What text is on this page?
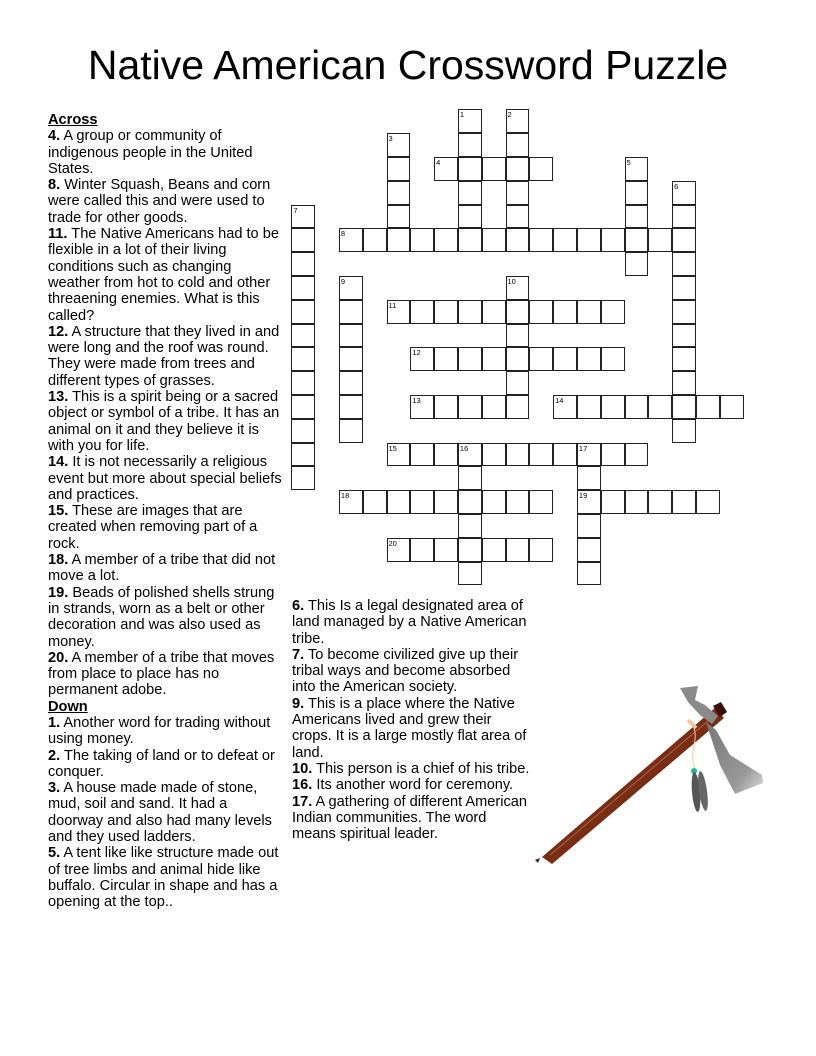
Native American Crossword Puzzle
Across
4. A group or community of indigenous people in the United States.
8. Winter Squash, Beans and corn were called this and were used to trade for other goods.
11. The Native Americans had to be flexible in a lot of their living conditions such as changing weather from hot to cold and other threaening enemies. What is this called?
12. A structure that they lived in and were long and the roof was round. They were made from trees and different types of grasses.
13. This is a spirit being or a sacred object or symbol of a tribe. It has an animal on it and they believe it is with you for life.
14. It is not necessarily a religious event but more about special beliefs and practices.
15. These are images that are created when removing part of a rock.
18. A member of a tribe that did not move a lot.
19. Beads of polished shells strung in strands, worn as a belt or other decoration and was also used as money.
20. A member of a tribe that moves from place to place has no permanent adobe.
Down
1. Another word for trading without using money.
2. The taking of land or to defeat or conquer.
3. A house made made of stone, mud, soil and sand. It had a doorway and also had many levels and they used ladders.
5. A tent like like structure made out of tree limbs and animal hide like buffalo. Circular in shape and has a opening at the top..
6. This Is a legal designated area of land managed by a Native American tribe.
7. To become civilized give up their tribal ways and become absorbed into the American society.
9. This is a place where the Native Americans lived and grew their crops. It is a large mostly flat area of land.
10. This person is a chief of his tribe.
16. Its another word for ceremony.
17. A gathering of different American Indian communities. The word means spiritual leader.
4
8
11
12
13	14
15	16	17
18	19
20
1	2
3
5
6
7
9	10
